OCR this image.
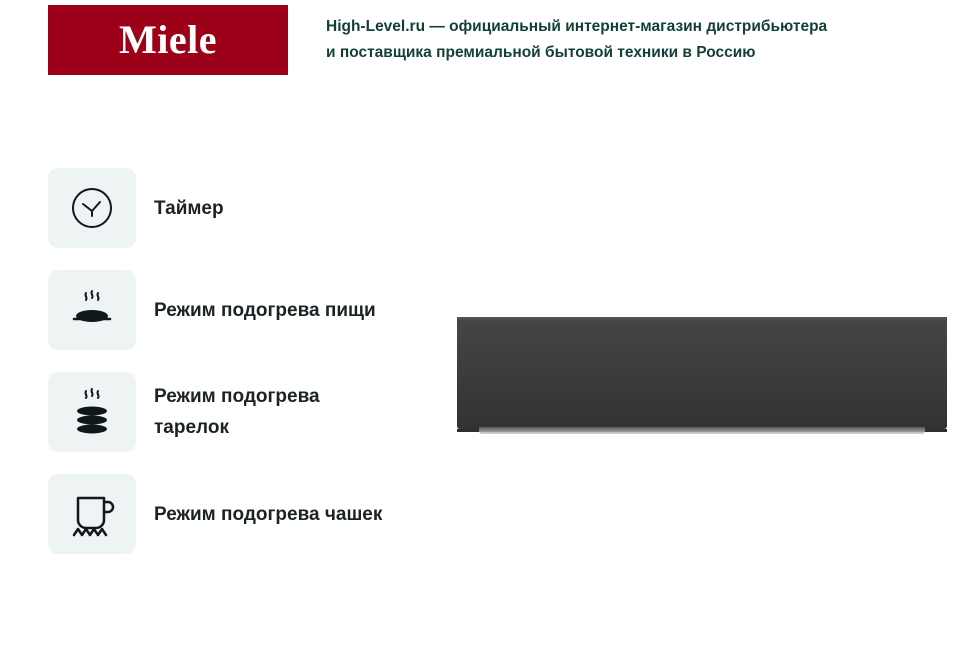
Miele	High-Level.ru — официальный интернет-магазин дистрибьютера
и поставщика премиальной бытовой техники в Россию
Таймер
Режим подогрева пищи
Режим подогрева тарелок
Режим подогрева чашек
